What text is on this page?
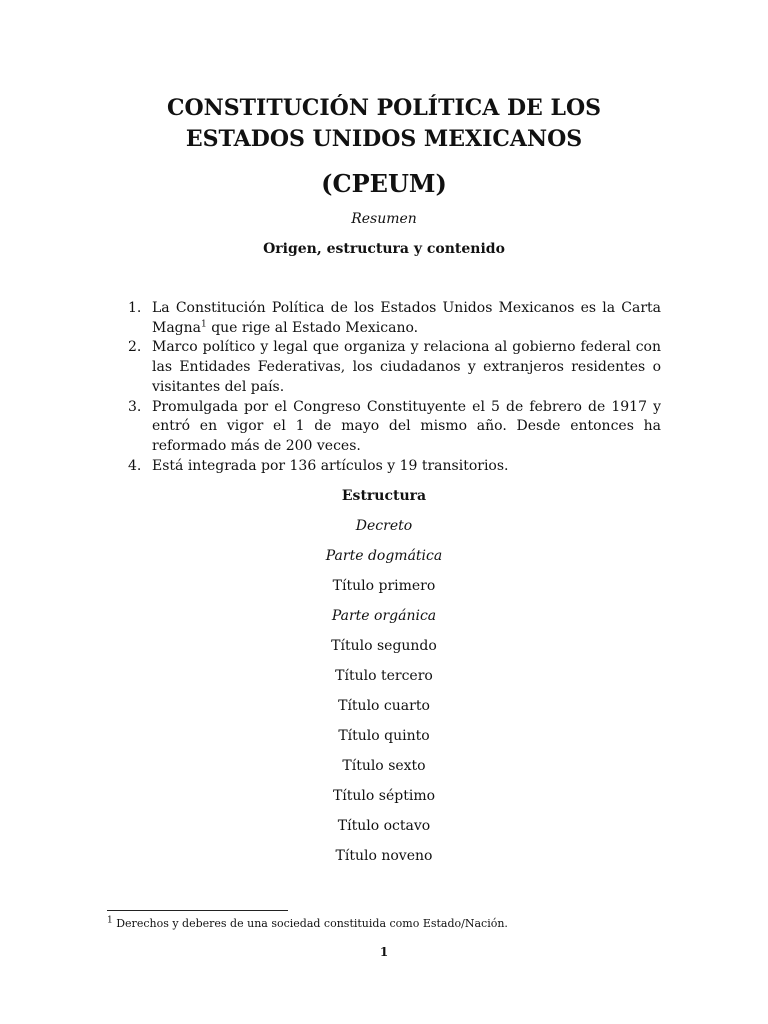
CONSTITUCIÓN POLÍTICA DE LOS
ESTADOS UNIDOS MEXICANOS
(CPEUM)
Resumen
Origen, estructura y contenido
1. La Constitución Política de los Estados Unidos Mexicanos es la Carta Magna$^1$ que rige al Estado Mexicano.
2. Marco político y legal que organiza y relaciona al gobierno federal con las Entidades Federativas, los ciudadanos y extranjeros residentes o visitantes del país.
3. Promulgada por el Congreso Constituyente el 5 de febrero de 1917 y entró en vigor el 1 de mayo del mismo año. Desde entonces ha reformado más de 200 veces.
4. Está integrada por 136 artículos y 19 transitorios.
Estructura
Decreto
Parte dogmática
Título primero
Parte orgánica
Título segundo
Título tercero
Título cuarto
Título quinto
Título sexto
Título séptimo
Título octavo
Título noveno
$^1$ Derechos y deberes de una sociedad constituida como Estado/Nación.
1
